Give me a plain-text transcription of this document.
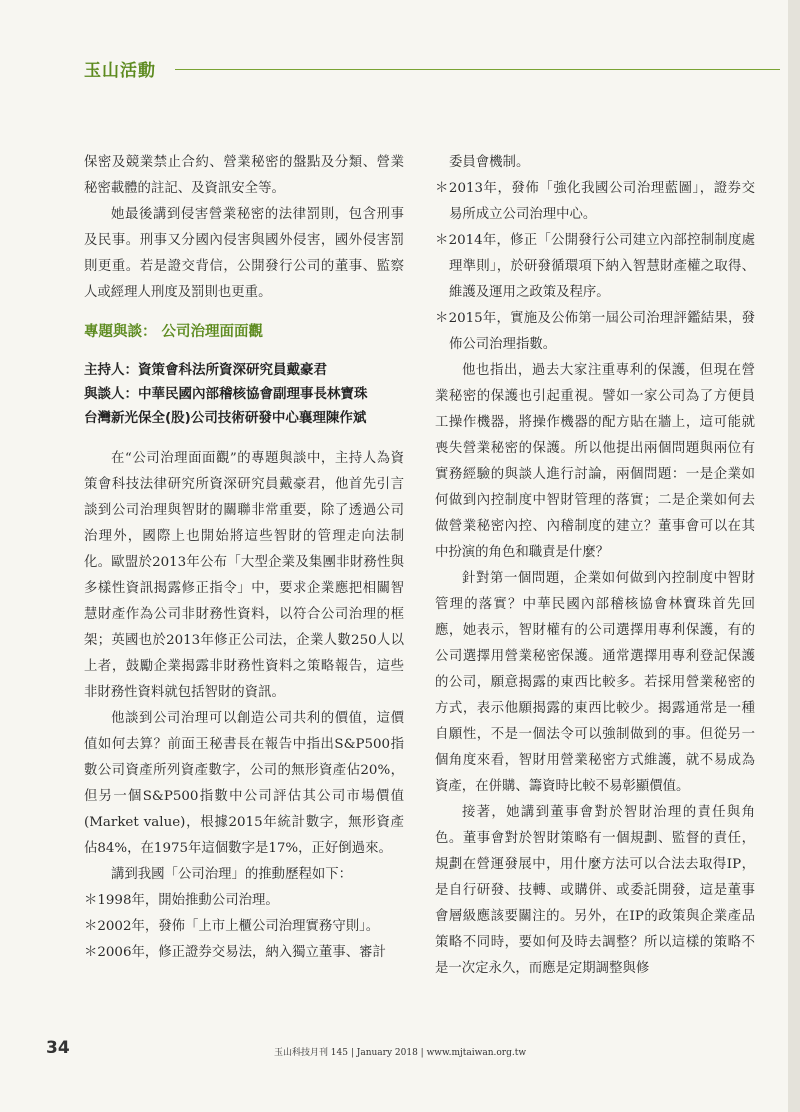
玉山活動

保密及競業禁止合約、營業秘密的盤點及分類、營業秘密載體的註記、及資訊安全等。

她最後講到侵害營業秘密的法律罰則，包含刑事及民事。刑事又分國內侵害與國外侵害，國外侵害罰則更重。若是證交背信，公開發行公司的董事、監察人或經理人刑度及罰則也更重。

專題與談： 公司治理面面觀

主持人：資策會科法所資深研究員戴豪君
與談人：中華民國內部稽核協會副理事長林寶珠
台灣新光保全(股)公司技術研發中心襄理陳作斌

在“公司治理面面觀”的專題與談中，主持人為資策會科技法律研究所資深研究員戴豪君，他首先引言談到公司治理與智財的關聯非常重要，除了透過公司治理外，國際上也開始將這些智財的管理走向法制化。歐盟於2013年公布「大型企業及集團非財務性與多樣性資訊揭露修正指令」中，要求企業應把相關智慧財產作為公司非財務性資料，以符合公司治理的框架；英國也於2013年修正公司法，企業人數250人以上者，鼓勵企業揭露非財務性資料之策略報告，這些非財務性資料就包括智財的資訊。

他談到公司治理可以創造公司共利的價值，這價值如何去算？前面王秘書長在報告中指出S&P500指數公司資產所列資產數字，公司的無形資產佔20%，但另一個S&P500指數中公司評估其公司市場價值(Market value)，根據2015年統計數字，無形資產佔84%，在1975年這個數字是17%，正好倒過來。

講到我國「公司治理」的推動歷程如下：

＊1998年，開始推動公司治理。

＊2002年，發佈「上市上櫃公司治理實務守則」。

＊2006年，修正證券交易法，納入獨立董事、審計

委員會機制。

＊2013年，發佈「強化我國公司治理藍圖」，證券交易所成立公司治理中心。

＊2014年，修正「公開發行公司建立內部控制制度處理準則」，於研發循環項下納入智慧財產權之取得、維護及運用之政策及程序。

＊2015年，實施及公佈第一屆公司治理評鑑結果，發佈公司治理指數。

他也指出，過去大家注重專利的保護，但現在營業秘密的保護也引起重視。譬如一家公司為了方便員工操作機器，將操作機器的配方貼在牆上，這可能就喪失營業秘密的保護。所以他提出兩個問題與兩位有實務經驗的與談人進行討論，兩個問題：一是企業如何做到內控制度中智財管理的落實；二是企業如何去做營業秘密內控、內稽制度的建立？董事會可以在其中扮演的角色和職責是什麼？

針對第一個問題，企業如何做到內控制度中智財管理的落實？中華民國內部稽核協會林寶珠首先回應，她表示，智財權有的公司選擇用專利保護，有的公司選擇用營業秘密保護。通常選擇用專利登記保護的公司，願意揭露的東西比較多。若採用營業秘密的方式，表示他願揭露的東西比較少。揭露通常是一種自願性，不是一個法令可以強制做到的事。但從另一個角度來看，智財用營業秘密方式維護，就不易成為資產，在併購、籌資時比較不易彰顯價值。

接著，她講到董事會對於智財治理的責任與角色。董事會對於智財策略有一個規劃、監督的責任，規劃在營運發展中，用什麼方法可以合法去取得IP，是自行研發、技轉、或購併、或委託開發，這是董事會層級應該要關注的。另外，在IP的政策與企業產品策略不同時，要如何及時去調整？所以這樣的策略不是一次定永久，而應是定期調整與修

34	玉山科技月刊 145 | January 2018 | www.mjtaiwan.org.tw
